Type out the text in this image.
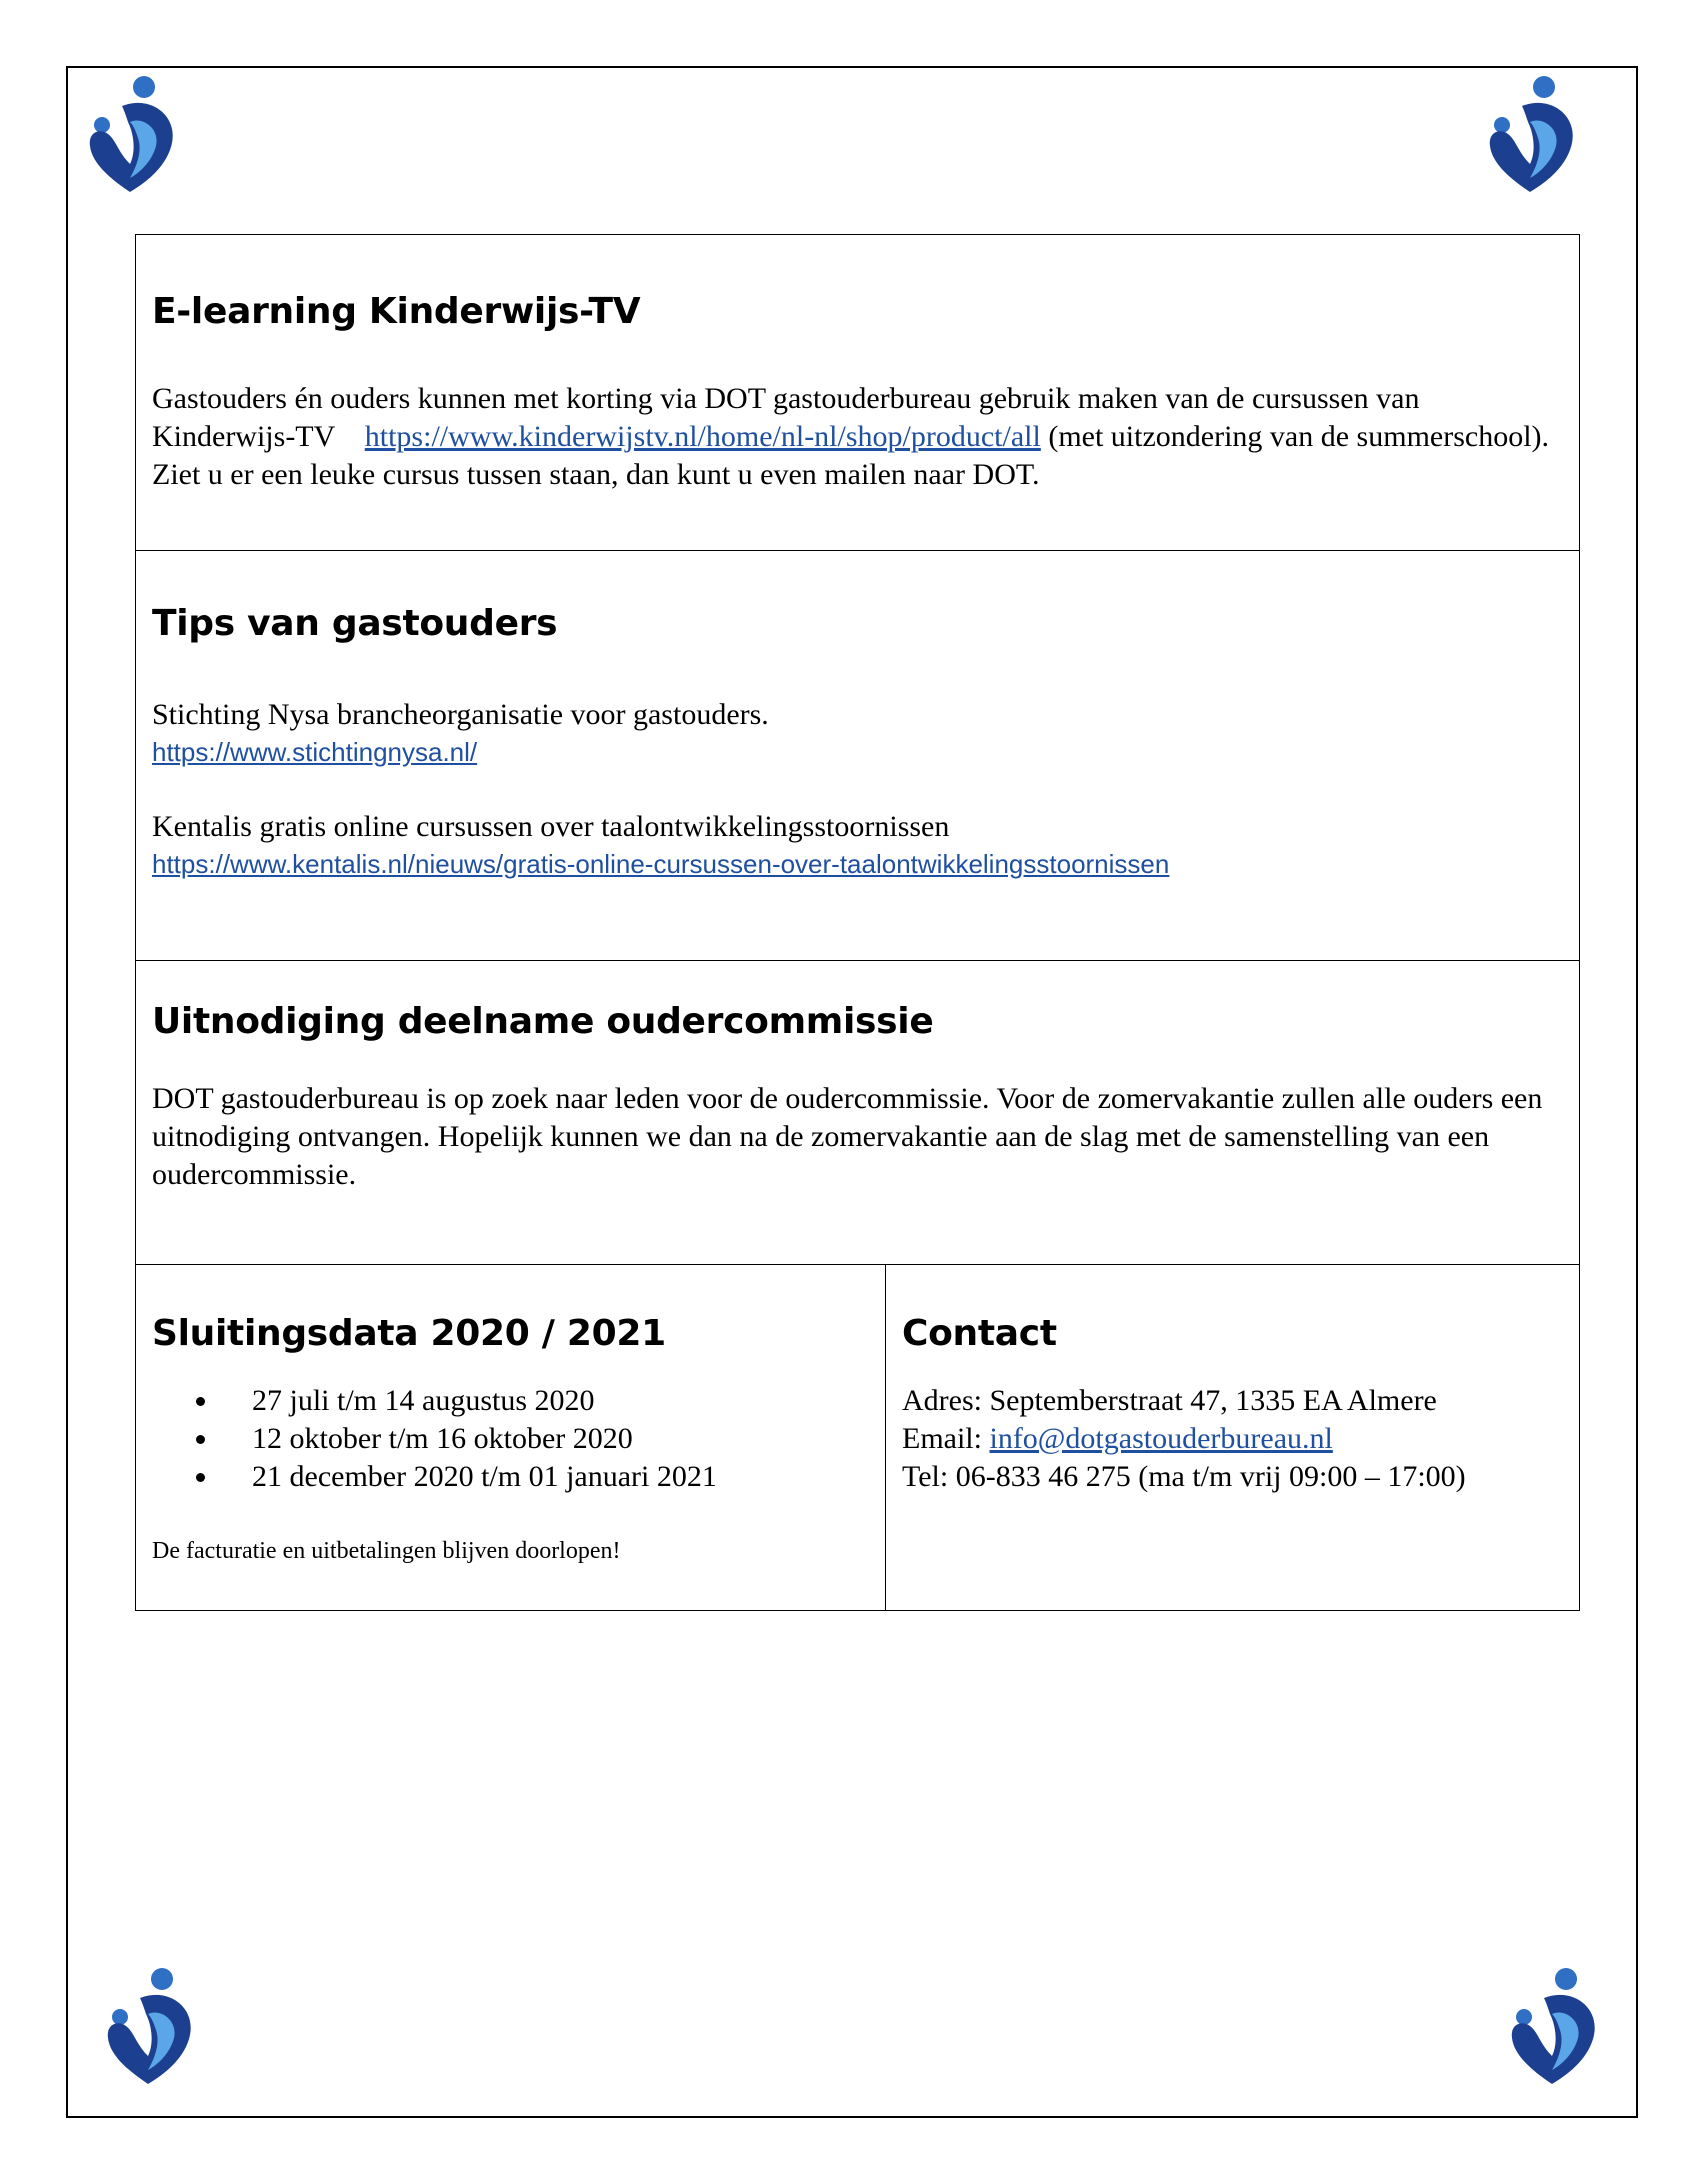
E-learning Kinderwijs-TV

Gastouders én ouders kunnen met korting via DOT gastouderbureau gebruik maken van de cursussen van Kinderwijs-TV https://www.kinderwijstv.nl/home/nl-nl/shop/product/all (met uitzondering van de summerschool). Ziet u er een leuke cursus tussen staan, dan kunt u even mailen naar DOT.

Tips van gastouders

Stichting Nysa brancheorganisatie voor gastouders.

https://www.stichtingnysa.nl/

Kentalis gratis online cursussen over taalontwikkelingsstoornissen

https://www.kentalis.nl/nieuws/gratis-online-cursussen-over-taalontwikkelingsstoornissen

Uitnodiging deelname oudercommissie

DOT gastouderbureau is op zoek naar leden voor de oudercommissie. Voor de zomervakantie zullen alle ouders een uitnodiging ontvangen. Hopelijk kunnen we dan na de zomervakantie aan de slag met de samenstelling van een oudercommissie.

Sluitingsdata 2020 / 2021
• 27 juli t/m 14 augustus 2020
• 12 oktober t/m 16 oktober 2020
• 21 december 2020 t/m 01 januari 2021

De facturatie en uitbetalingen blijven doorlopen!

Contact

Adres: Septemberstraat 47, 1335 EA Almere

Email: info@dotgastouderbureau.nl

Tel: 06-833 46 275 (ma t/m vrij 09:00 – 17:00)
